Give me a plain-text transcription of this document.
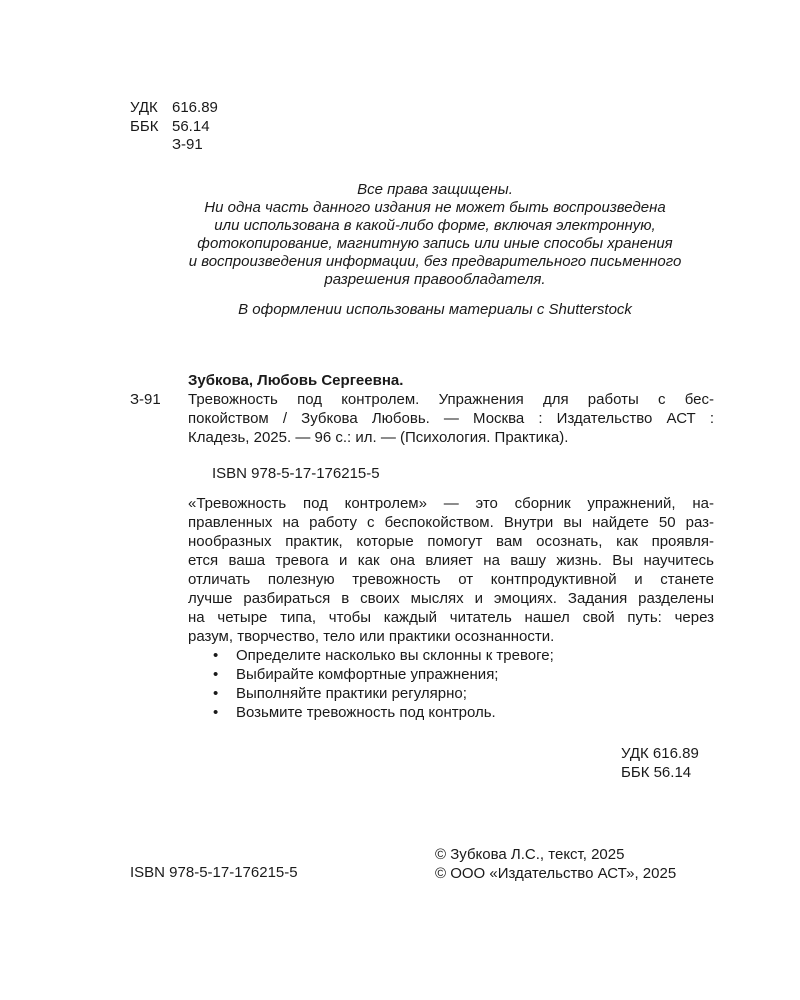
УДК 616.89
ББК 56.14
З-91
Все права защищены.
Ни одна часть данного издания не может быть воспроизведена
или использована в какой-либо форме, включая электронную,
фотокопирование, магнитную запись или иные способы хранения
и воспроизведения информации, без предварительного письменного
разрешения правообладателя.
В оформлении использованы материалы с Shutterstock
Зубкова, Любовь Сергеевна.
З-91 Тревожность под контролем. Упражнения для работы с бес-
покойством / Зубкова Любовь. — Москва : Издательство АСТ :
Кладезь, 2025. — 96 с.: ил. — (Психология. Практика).
ISBN 978-5-17-176215-5
«Тревожность под контролем» — это сборник упражнений, на-
правленных на работу с беспокойством. Внутри вы найдете 50 раз-
нообразных практик, которые помогут вам осознать, как проявля-
ется ваша тревога и как она влияет на вашу жизнь. Вы научитесь
отличать полезную тревожность от контпродуктивной и станете
лучше разбираться в своих мыслях и эмоциях. Задания разделены
на четыре типа, чтобы каждый читатель нашел свой путь: через
разум, творчество, тело или практики осознанности.
• Определите насколько вы склонны к тревоге;
• Выбирайте комфортные упражнения;
• Выполняйте практики регулярно;
• Возьмите тревожность под контроль.
УДК 616.89
ББК 56.14
© Зубкова Л.С., текст, 2025
© ООО «Издательство АСТ», 2025
ISBN 978-5-17-176215-5
